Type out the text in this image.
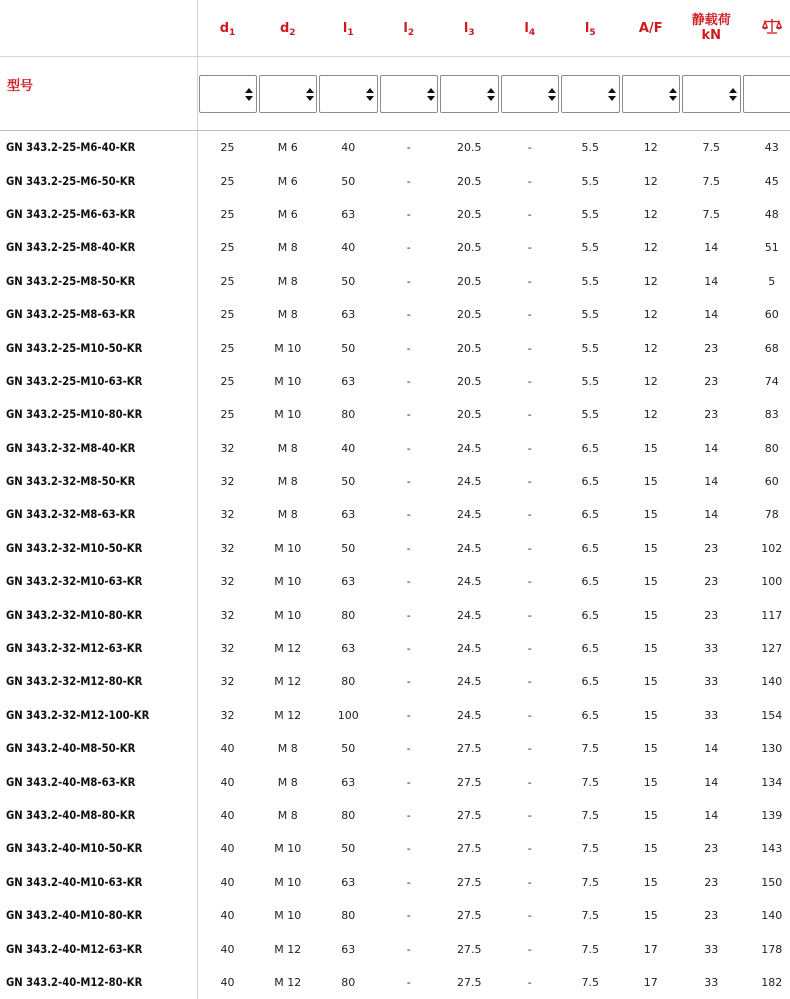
	$d_1$	$d_2$	$l_1$	$l_2$	$l_3$	$l_4$	$l_5$	A/F	静载荷
kN

型号	

GN 343.2-25-M6-40-KR	25	M 6	40	-	20.5	-	5.5	12	7.5	43
GN 343.2-25-M6-50-KR	25	M 6	50	-	20.5	-	5.5	12	7.5	45
GN 343.2-25-M6-63-KR	25	M 6	63	-	20.5	-	5.5	12	7.5	48
GN 343.2-25-M8-40-KR	25	M 8	40	-	20.5	-	5.5	12	14	51
GN 343.2-25-M8-50-KR	25	M 8	50	-	20.5	-	5.5	12	14	5
GN 343.2-25-M8-63-KR	25	M 8	63	-	20.5	-	5.5	12	14	60
GN 343.2-25-M10-50-KR	25	M 10	50	-	20.5	-	5.5	12	23	68
GN 343.2-25-M10-63-KR	25	M 10	63	-	20.5	-	5.5	12	23	74
GN 343.2-25-M10-80-KR	25	M 10	80	-	20.5	-	5.5	12	23	83
GN 343.2-32-M8-40-KR	32	M 8	40	-	24.5	-	6.5	15	14	80
GN 343.2-32-M8-50-KR	32	M 8	50	-	24.5	-	6.5	15	14	60
GN 343.2-32-M8-63-KR	32	M 8	63	-	24.5	-	6.5	15	14	78
GN 343.2-32-M10-50-KR	32	M 10	50	-	24.5	-	6.5	15	23	102
GN 343.2-32-M10-63-KR	32	M 10	63	-	24.5	-	6.5	15	23	100
GN 343.2-32-M10-80-KR	32	M 10	80	-	24.5	-	6.5	15	23	117
GN 343.2-32-M12-63-KR	32	M 12	63	-	24.5	-	6.5	15	33	127
GN 343.2-32-M12-80-KR	32	M 12	80	-	24.5	-	6.5	15	33	140
GN 343.2-32-M12-100-KR	32	M 12	100	-	24.5	-	6.5	15	33	154
GN 343.2-40-M8-50-KR	40	M 8	50	-	27.5	-	7.5	15	14	130
GN 343.2-40-M8-63-KR	40	M 8	63	-	27.5	-	7.5	15	14	134
GN 343.2-40-M8-80-KR	40	M 8	80	-	27.5	-	7.5	15	14	139
GN 343.2-40-M10-50-KR	40	M 10	50	-	27.5	-	7.5	15	23	143
GN 343.2-40-M10-63-KR	40	M 10	63	-	27.5	-	7.5	15	23	150
GN 343.2-40-M10-80-KR	40	M 10	80	-	27.5	-	7.5	15	23	140
GN 343.2-40-M12-63-KR	40	M 12	63	-	27.5	-	7.5	17	33	178
GN 343.2-40-M12-80-KR	40	M 12	80	-	27.5	-	7.5	17	33	182
